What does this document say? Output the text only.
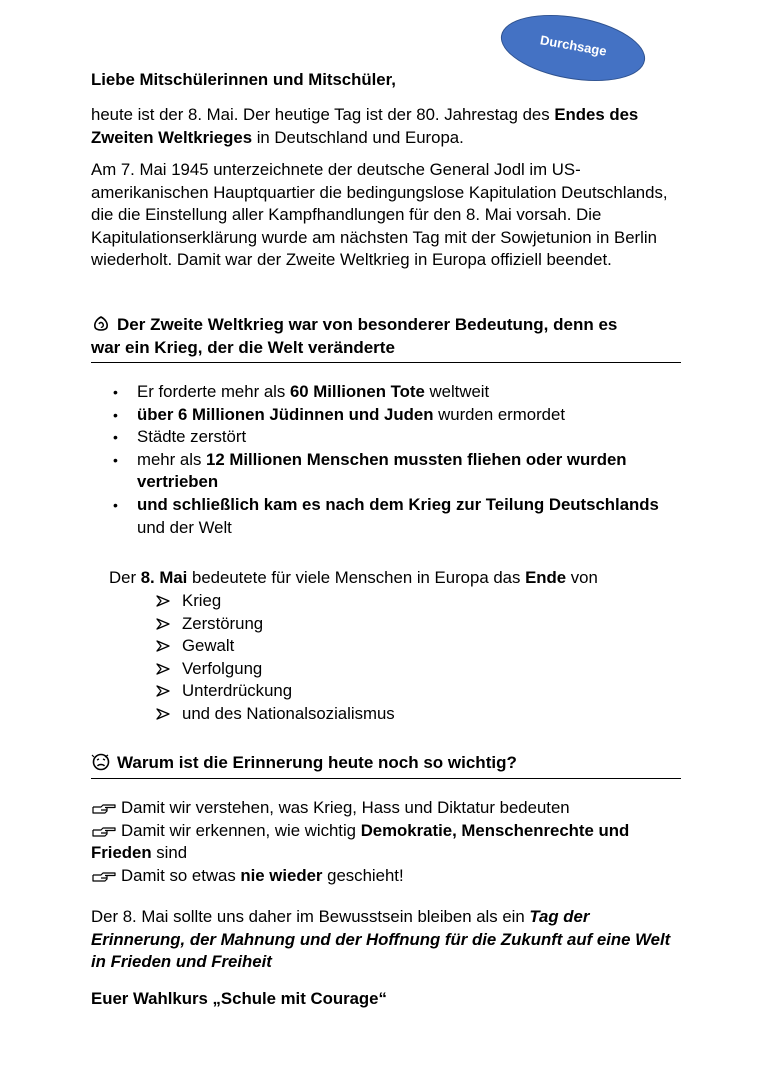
Durchsage
Liebe Mitschülerinnen und Mitschüler,
heute ist der 8. Mai. Der heutige Tag ist der 80. Jahrestag des Endes des Zweiten Weltkrieges in Deutschland und Europa.
Am 7. Mai 1945 unterzeichnete der deutsche General Jodl im US-amerikanischen Hauptquartier die bedingungslose Kapitulation Deutschlands, die die Einstellung aller Kampfhandlungen für den 8. Mai vorsah. Die Kapitulationserklärung wurde am nächsten Tag mit der Sowjetunion in Berlin wiederholt. Damit war der Zweite Weltkrieg in Europa offiziell beendet.
Der Zweite Weltkrieg war von besonderer Bedeutung, denn es
war ein Krieg, der die Welt veränderte
• Er forderte mehr als 60 Millionen Tote weltweit
• über 6 Millionen Jüdinnen und Juden wurden ermordet
• Städte zerstört
• mehr als 12 Millionen Menschen mussten fliehen oder wurden vertrieben
• und schließlich kam es nach dem Krieg zur Teilung Deutschlands und der Welt
Der 8. Mai bedeutete für viele Menschen in Europa das Ende von
Krieg
Zerstörung
Gewalt
Verfolgung
Unterdrückung
und des Nationalsozialismus
Warum ist die Erinnerung heute noch so wichtig?
Damit wir verstehen, was Krieg, Hass und Diktatur bedeuten
Damit wir erkennen, wie wichtig Demokratie, Menschenrechte und Frieden sind
Damit so etwas nie wieder geschieht!
Der 8. Mai sollte uns daher im Bewusstsein bleiben als ein Tag der Erinnerung, der Mahnung und der Hoffnung für die Zukunft auf eine Welt in Frieden und Freiheit
Euer Wahlkurs „Schule mit Courage“
